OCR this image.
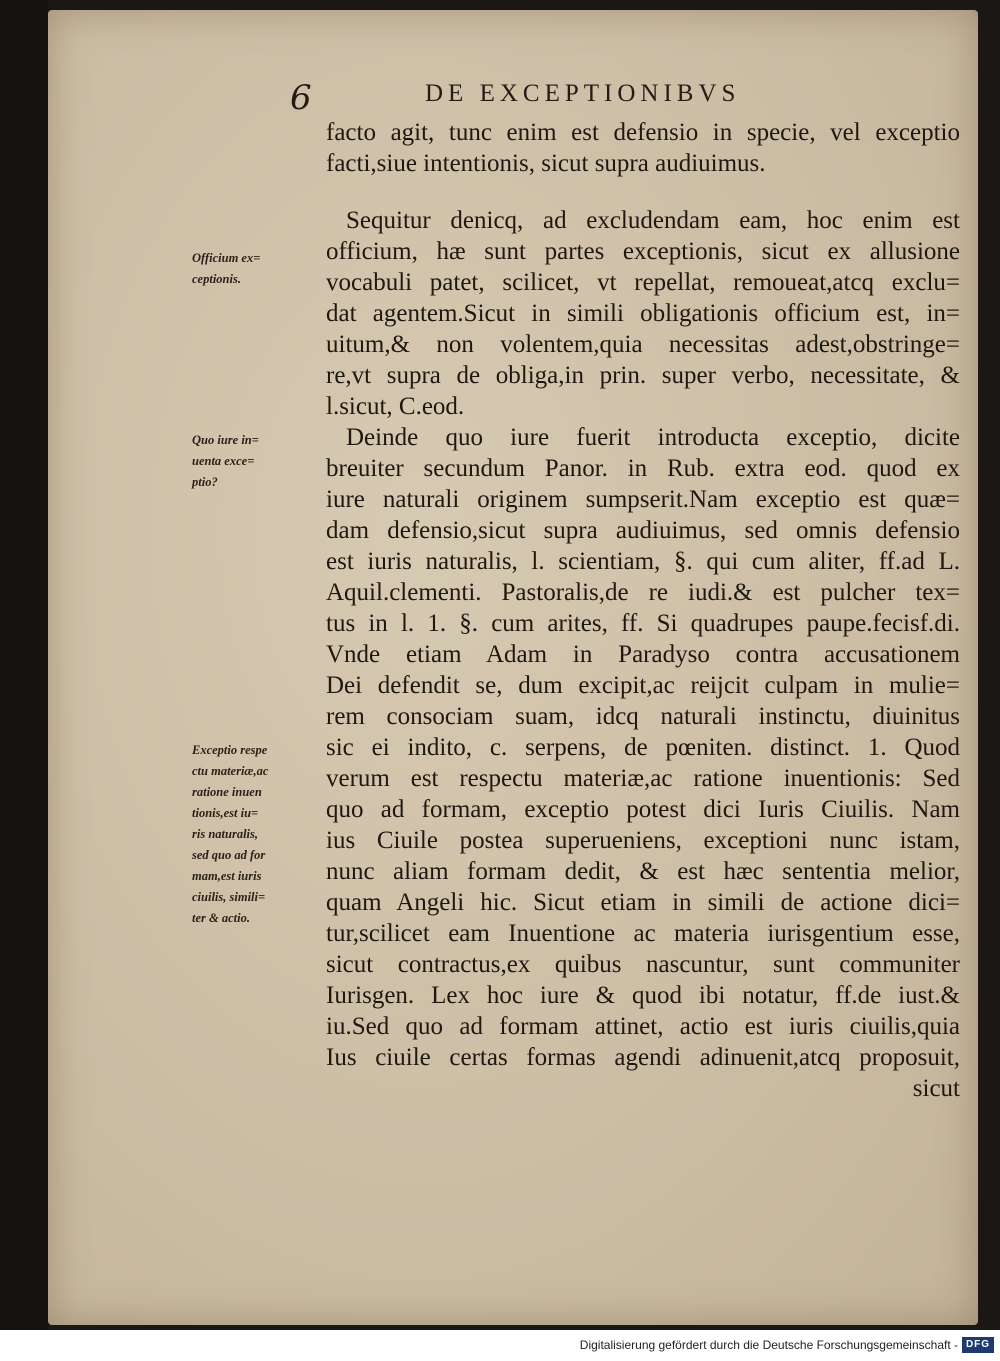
6	DE EXCEPTIONIBVS
facto agit, tunc enim est defensio in specie, vel exceptio
facti,siue intentionis, sicut supra audiuimus.
Sequitur denicq, ad excludendam eam, hoc enim est
officium, hæ sunt partes exceptionis, sicut ex allusione
vocabuli patet, scilicet, vt repellat, remoueat,atcq exclu=
dat agentem.Sicut in simili obligationis officium est, in=
uitum,& non volentem,quia necessitas adest,obstringe=
re,vt supra de obliga,in prin. super verbo, necessitate, &
l.sicut, C.eod.
Deinde quo iure fuerit introducta exceptio, dicite
breuiter secundum Panor. in Rub. extra eod. quod ex
iure naturali originem sumpserit.Nam exceptio est quæ=
dam defensio,sicut supra audiuimus, sed omnis defensio
est iuris naturalis, l. scientiam, §. qui cum aliter, ff.ad L.
Aquil.clementi. Pastoralis,de re iudi.& est pulcher tex=
tus in l. 1. §. cum arites, ff. Si quadrupes paupe.fecisf.di.
Vnde etiam Adam in Paradyso contra accusationem
Dei defendit se, dum excipit,ac reijcit culpam in mulie=
rem consociam suam, idcq naturali instinctu, diuinitus
sic ei indito, c. serpens, de pœniten. distinct. 1. Quod
verum est respectu materiæ,ac ratione inuentionis: Sed
quo ad formam, exceptio potest dici Iuris Ciuilis. Nam
ius Ciuile postea superueniens, exceptioni nunc istam,
nunc aliam formam dedit, & est hæc sententia melior,
quam Angeli hic. Sicut etiam in simili de actione dici=
tur,scilicet eam Inuentione ac materia iurisgentium esse,
sicut contractus,ex quibus nascuntur, sunt communiter
Iurisgen. Lex hoc iure & quod ibi notatur, ff.de iust.&
iu.Sed quo ad formam attinet, actio est iuris ciuilis,quia
Ius ciuile certas formas agendi adinuenit,atcq proposuit,
sicut
Officium ex=
ceptionis.
Quo iure in=
uenta exce=
ptio?
Exceptio respe
ctu materiæ,ac
ratione inuen
tionis,est iu=
ris naturalis,
sed quo ad for
mam,est iuris
ciuilis, simili=
ter & actio.
Digitalisierung gefördert durch die Deutsche Forschungsgemeinschaft - DFG
